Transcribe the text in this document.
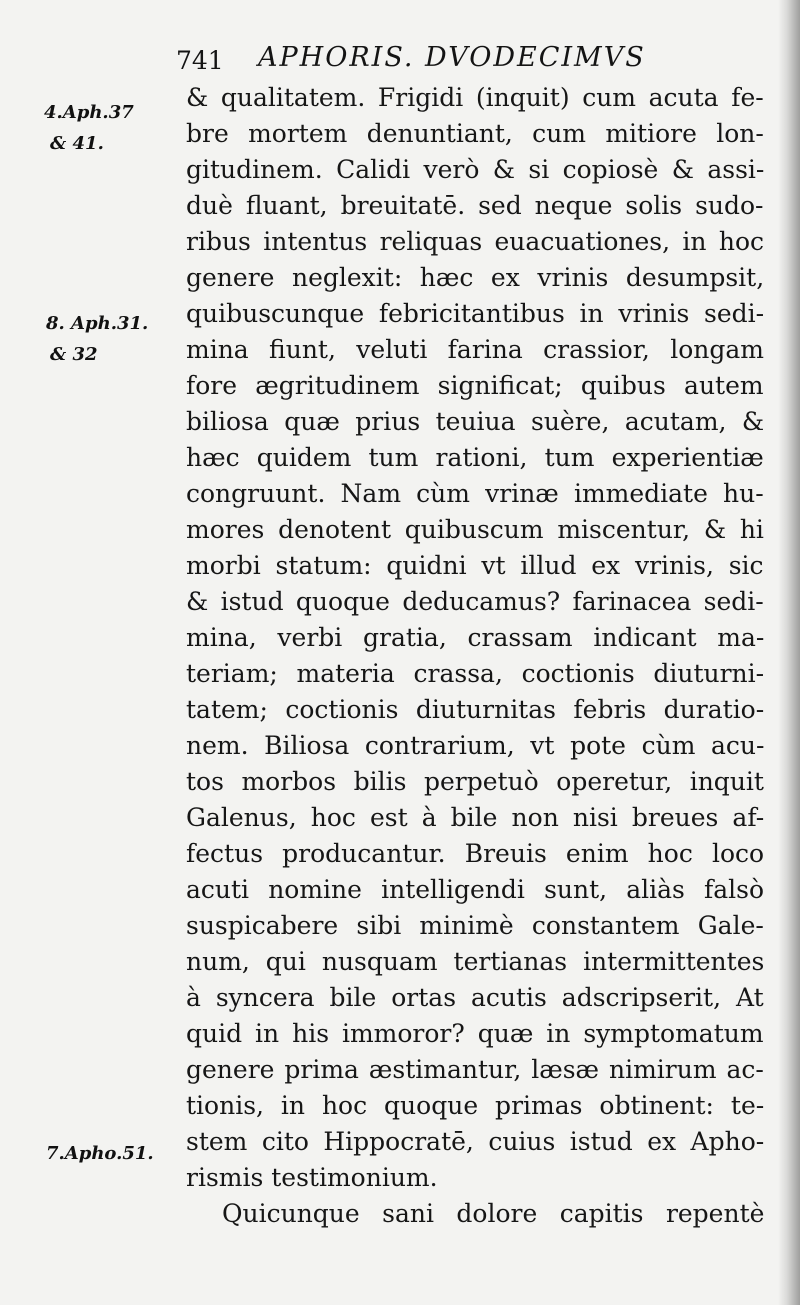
741 APHORIS. DVODECIMVS
4.Aph.37
& 41.
8. Aph.31.
& 32
7.Apho.51.
& qualitatem. Frigidi (inquit) cum acuta fe-
bre mortem denuntiant, cum mitiore lon-
gitudinem. Calidi verò & si copiosè & assi-
duè fluant, breuitatē. sed neque solis sudo-
ribus intentus reliquas euacuationes, in hoc
genere neglexit: hæc ex vrinis desumpsit,
quibuscunque febricitantibus in vrinis sedi-
mina fiunt, veluti farina crassior, longam
fore ægritudinem significat; quibus autem
biliosa quæ prius teuiua suère, acutam, &
hæc quidem tum rationi, tum experientiæ
congruunt. Nam cùm vrinæ immediate hu-
mores denotent quibuscum miscentur, & hi
morbi statum: quidni vt illud ex vrinis, sic
& istud quoque deducamus? farinacea sedi-
mina, verbi gratia, crassam indicant ma-
teriam; materia crassa, coctionis diuturni-
tatem; coctionis diuturnitas febris duratio-
nem. Biliosa contrarium, vt pote cùm acu-
tos morbos bilis perpetuò operetur, inquit
Galenus, hoc est à bile non nisi breues af-
fectus producantur. Breuis enim hoc loco
acuti nomine intelligendi sunt, aliàs falsò
suspicabere sibi minimè constantem Gale-
num, qui nusquam tertianas intermittentes
à syncera bile ortas acutis adscripserit, At
quid in his immoror? quæ in symptomatum
genere prima æstimantur, læsæ nimirum ac-
tionis, in hoc quoque primas obtinent: te-
stem cito Hippocratē, cuius istud ex Apho-
rismis testimonium.
Quicunque sani dolore capitis repentè
